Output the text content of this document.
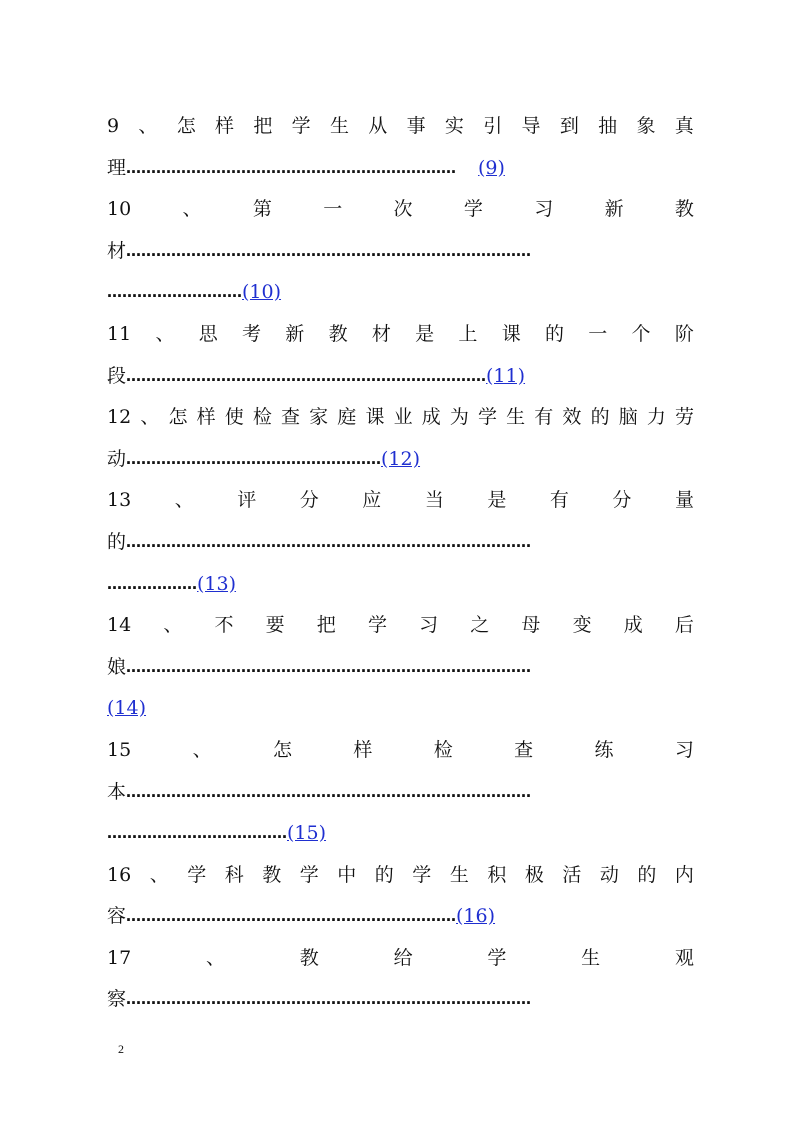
9 、 怎 样 把 学 生 从 事 实 引 导 到 抽 象 真
理 ………………………………………………………… (9)
10	、	第	一	次	学	习	新	教
材 ………………………………………………………………………
……………………… (10)
11 、 思 考 新 教 材 是 上 课 的 一 个 阶
段 ……………………………………………………………… (11)
12 、 怎 样 使 检 查 家 庭 课 业 成 为 学 生 有 效 的 脑 力 劳
动 …………………………………………… (12)
13 、 评 分 应 当 是 有 分 量
的 ………………………………………………………………………
……………… (13)
14 、 不 要 把 学 习 之 母 变 成 后
娘 ………………………………………………………………………
(14)
15	、	怎	样	检	查	练	习
本 ………………………………………………………………………
……………………………… (15)
16 、 学 科 教 学 中 的 学 生 积 极 活 动 的 内
容 ………………………………………………………… (16)
17	、	教	给	学	生	观
察 ………………………………………………………………………
2
